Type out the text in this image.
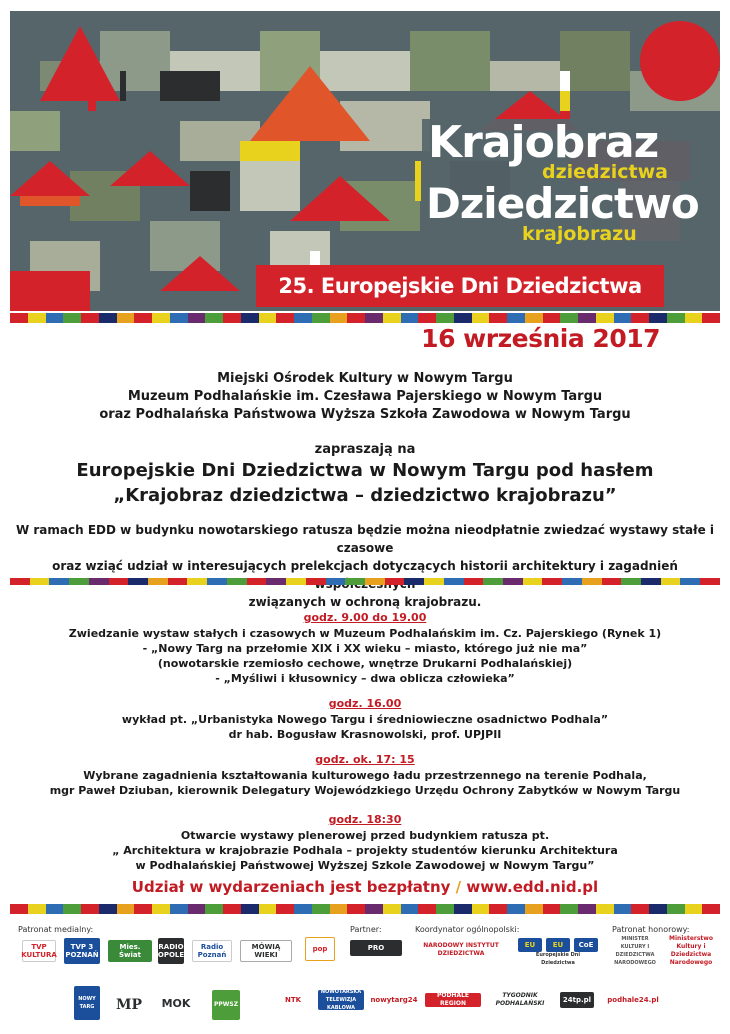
Krajobraz
dziedzictwa
Dziedzictwo
krajobrazu
25. Europejskie Dni Dziedzictwa
16 września 2017
Miejski Ośrodek Kultury w Nowym Targu
Muzeum Podhalańskie im. Czesława Pajerskiego w Nowym Targu
oraz Podhalańska Państwowa Wyższa Szkoła Zawodowa w Nowym Targu
zapraszają na
Europejskie Dni Dziedzictwa w Nowym Targu pod hasłem
„Krajobraz dziedzictwa – dziedzictwo krajobrazu”
W ramach EDD w budynku nowotarskiego ratusza będzie można nieodpłatnie zwiedzać wystawy stałe i czasowe
oraz wziąć udział w interesujących prelekcjach dotyczących historii architektury i zagadnień
związanych w ochroną krajobrazu.
godz. 9.00 do 19.00
Zwiedzanie wystaw stałych i czasowych w Muzeum Podhalańskim im. Cz. Pajerskiego (Rynek 1)
- „Nowy Targ na przełomie XIX i XX wieku – miasto, którego już nie ma”
(nowotarskie rzemiosło cechowe, wnętrze Drukarni Podhalańskiej)
- „Myśliwi i kłusownicy – dwa oblicza człowieka”
godz. 16.00
wykład pt. „Urbanistyka Nowego Targu i średniowieczne osadnictwo Podhala”
dr hab. Bogusław Krasnowolski, prof. UPJPII
godz. ok. 17: 15
Wybrane zagadnienia kształtowania kulturowego ładu przestrzennego na terenie Podhala,
mgr Paweł Dziuban, kierownik Delegatury Wojewódzkiego Urzędu Ochrony Zabytków w Nowym Targu
godz. 18:30
Otwarcie wystawy plenerowej przed budynkiem ratusza pt.
„ Architektura w krajobrazie Podhala – projekty studentów kierunku Architektura
w Podhalańskiej Państwowej Wyższej Szkole Zawodowej w Nowym Targu”
Udział w wydarzeniach jest bezpłatny / www.edd.nid.pl
Patronat medialny:	Partner:	Koordynator ogólnopolski:	Patronat honorowy:
TVP KULTURA
TVP 3 POZNAŃ
Mies. Świat
RADIO OPOLE
Radio Poznań
MÓWIĄ WIEKI
pop	PRO	NARODOWY INSTYTUT DZIEDZICTWA
EU	EU	CoE
Europejskie Dni Dziedzictwa
MINISTER KULTURY I DZIEDZICTWA NARODOWEGO
Ministerstwo Kultury i Dziedzictwa Narodowego
NOWY TARG	MP	MOK	PPWSZ
NTK
NOWOTARSKA TELEWIZJA KABLOWA
nowytarg24
PODHALE REGION
TYGODNIK PODHALAŃSKI	24tp.pl	podhale24.pl
